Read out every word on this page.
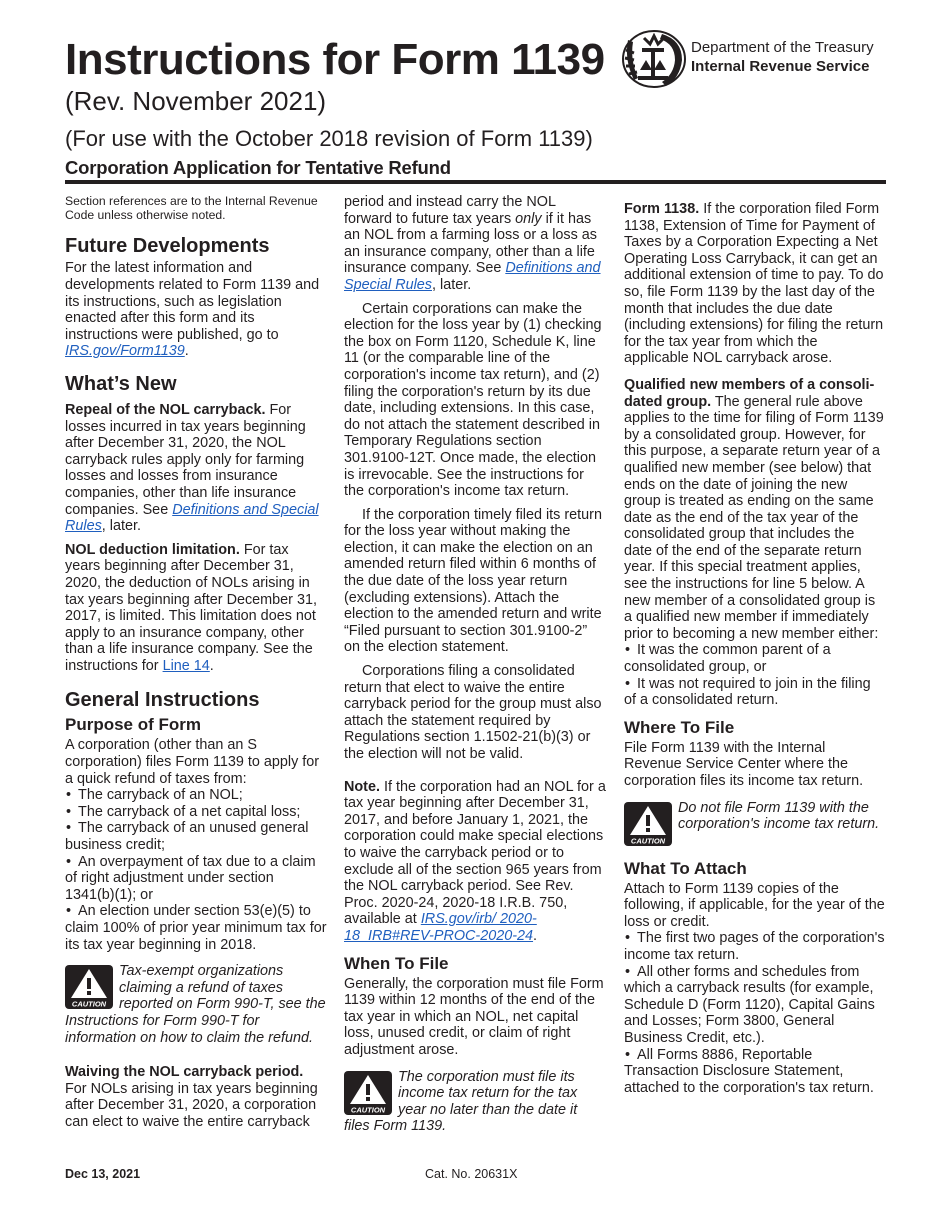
Instructions for Form 1139
(Rev. November 2021)
(For use with the October 2018 revision of Form 1139)
Corporation Application for Tentative Refund
Department of the Treasury
Internal Revenue Service

Section references are to the Internal Revenue Code unless otherwise noted.

Future Developments

For the latest information and developments related to Form 1139 and its instructions, such as legislation enacted after this form and its instructions were published, go to IRS.gov/Form1139.

What’s New

Repeal of the NOL carryback. For losses incurred in tax years beginning after December 31, 2020, the NOL carryback rules apply only for farming losses and losses from insurance companies, other than life insurance companies. See Definitions and Special Rules, later.

NOL deduction limitation. For tax years beginning after December 31, 2020, the deduction of NOLs arising in tax years beginning after December 31, 2017, is limited. This limitation does not apply to an insurance company, other than a life insurance company. See the instructions for Line 14.

General Instructions
Purpose of Form

A corporation (other than an S corporation) files Form 1139 to apply for a quick refund of taxes from:

• The carryback of an NOL;

• The carryback of a net capital loss;

• The carryback of an unused general business credit;

• An overpayment of tax due to a claim of right adjustment under section 1341(b)(1); or

• An election under section 53(e)(5) to claim 100% of prior year minimum tax for its tax year beginning in 2018.

CAUTION
Tax-exempt organizations claiming a refund of taxes reported on Form 990-T, see the Instructions for Form 990-T for information on how to claim the refund.

Waiving the NOL carryback period. For NOLs arising in tax years beginning after December 31, 2020, a corporation can elect to waive the entire carryback

period and instead carry the NOL forward to future tax years only if it has an NOL from a farming loss or a loss as an insurance company, other than a life insurance company. See Definitions and Special Rules, later.

Certain corporations can make the election for the loss year by (1) checking the box on Form 1120, Schedule K, line 11 (or the comparable line of the corporation's income tax return), and (2) filing the corporation's return by its due date, including extensions. In this case, do not attach the statement described in Temporary Regulations section 301.9100-12T. Once made, the election is irrevocable. See the instructions for the corporation's income tax return.

If the corporation timely filed its return for the loss year without making the election, it can make the election on an amended return filed within 6 months of the due date of the loss year return (excluding extensions). Attach the election to the amended return and write “Filed pursuant to section 301.9100-2” on the election statement.

Corporations filing a consolidated return that elect to waive the entire carryback period for the group must also attach the statement required by Regulations section 1.1502-21(b)(3) or the election will not be valid.

Note. If the corporation had an NOL for a tax year beginning after December 31, 2017, and before January 1, 2021, the corporation could make special elections to waive the carryback period or to exclude all of the section 965 years from the NOL carryback period. See Rev. Proc. 2020-24, 2020-18 I.R.B. 750, available at IRS.gov/irb/ 2020-18_IRB#REV-PROC-2020-24.

When To File

Generally, the corporation must file Form 1139 within 12 months of the end of the tax year in which an NOL, net capital loss, unused credit, or claim of right adjustment arose.

CAUTION
The corporation must file its income tax return for the tax year no later than the date it files Form 1139.

Form 1138. If the corporation filed Form 1138, Extension of Time for Payment of Taxes by a Corporation Expecting a Net Operating Loss Carryback, it can get an additional extension of time to pay. To do so, file Form 1139 by the last day of the month that includes the due date (including extensions) for filing the return for the tax year from which the applicable NOL carryback arose.

Qualified new members of a consolidated group. The general rule above applies to the time for filing of Form 1139 by a consolidated group. However, for this purpose, a separate return year of a qualified new member (see below) that ends on the date of joining the new group is treated as ending on the same date as the end of the tax year of the consolidated group that includes the date of the end of the separate return year. If this special treatment applies, see the instructions for line 5 below. A new member of a consolidated group is a qualified new member if immediately prior to becoming a new member either:

• It was the common parent of a consolidated group, or

• It was not required to join in the filing of a consolidated return.

Where To File

File Form 1139 with the Internal Revenue Service Center where the corporation files its income tax return.

CAUTION
Do not file Form 1139 with the corporation's income tax return.
What To Attach

Attach to Form 1139 copies of the following, if applicable, for the year of the loss or credit.

• The first two pages of the corporation's income tax return.

• All other forms and schedules from which a carryback results (for example, Schedule D (Form 1120), Capital Gains and Losses; Form 3800, General Business Credit, etc.).

• All Forms 8886, Reportable Transaction Disclosure Statement, attached to the corporation's tax return.

Dec 13, 2021	Cat. No. 20631X
